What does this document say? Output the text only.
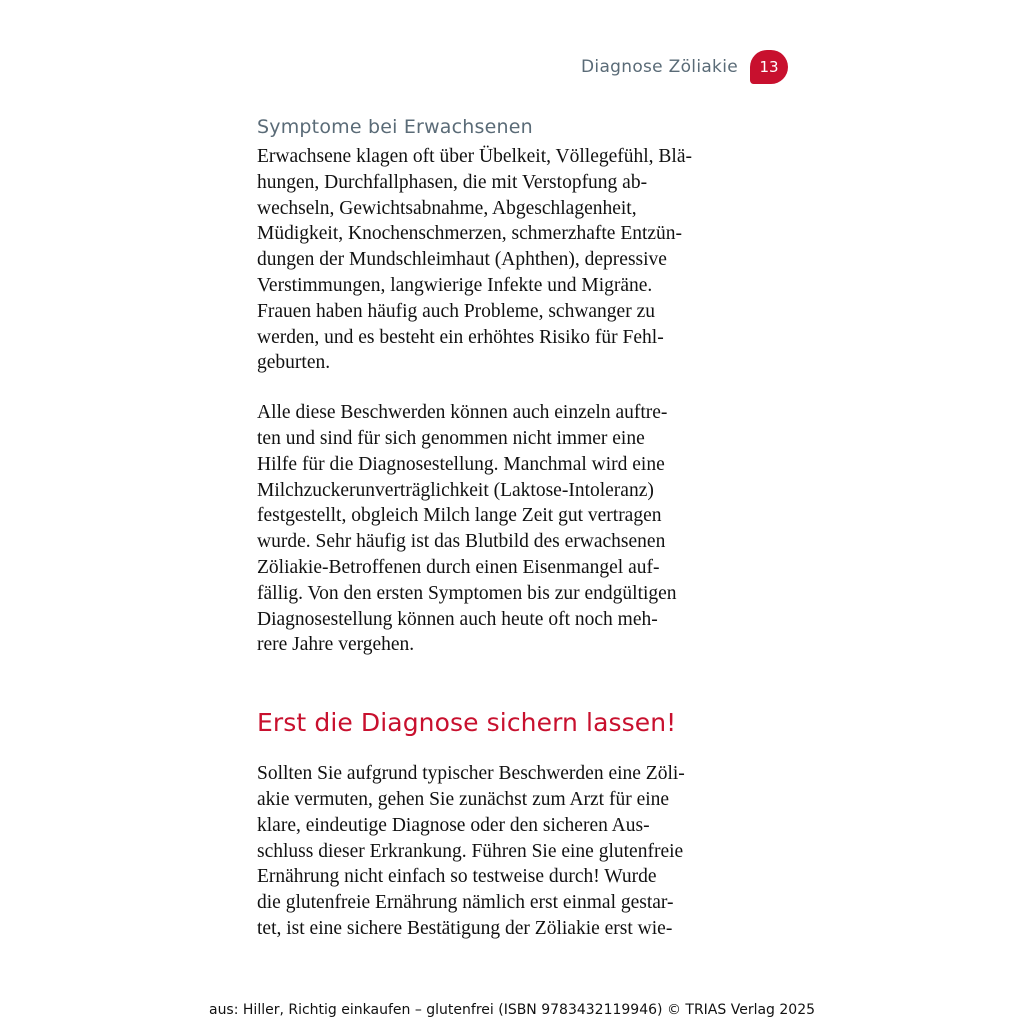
Diagnose Zöliakie	13
Symptome bei Erwachsenen

Erwachsene klagen oft über Übelkeit, Völlegefühl, Blä-
hungen, Durchfallphasen, die mit Verstopfung ab-
wechseln, Gewichtsabnahme, Abgeschlagenheit,
Müdigkeit, Knochenschmerzen, schmerzhafte Entzün-
dungen der Mundschleimhaut (Aphthen), depressive
Verstimmungen, langwierige Infekte und Migräne.
Frauen haben häufig auch Probleme, schwanger zu
werden, und es besteht ein erhöhtes Risiko für Fehl-
geburten.

Alle diese Beschwerden können auch einzeln auftre-
ten und sind für sich genommen nicht immer eine
Hilfe für die Diagnosestellung. Manchmal wird eine
Milchzuckerunverträglichkeit (Laktose-Intoleranz)
festgestellt, obgleich Milch lange Zeit gut vertragen
wurde. Sehr häufig ist das Blutbild des erwachsenen
Zöliakie-Betroffenen durch einen Eisenmangel auf-
fällig. Von den ersten Symptomen bis zur endgültigen
Diagnosestellung können auch heute oft noch meh-
rere Jahre vergehen.

Erst die Diagnose sichern lassen!

Sollten Sie aufgrund typischer Beschwerden eine Zöli-
akie vermuten, gehen Sie zunächst zum Arzt für eine
klare, eindeutige Diagnose oder den sicheren Aus-
schluss dieser Erkrankung. Führen Sie eine glutenfreie
Ernährung nicht einfach so testweise durch! Wurde
die glutenfreie Ernährung nämlich erst einmal gestar-
tet, ist eine sichere Bestätigung der Zöliakie erst wie-

aus: Hiller, Richtig einkaufen – glutenfrei (ISBN 9783432119946) © TRIAS Verlag 2025
